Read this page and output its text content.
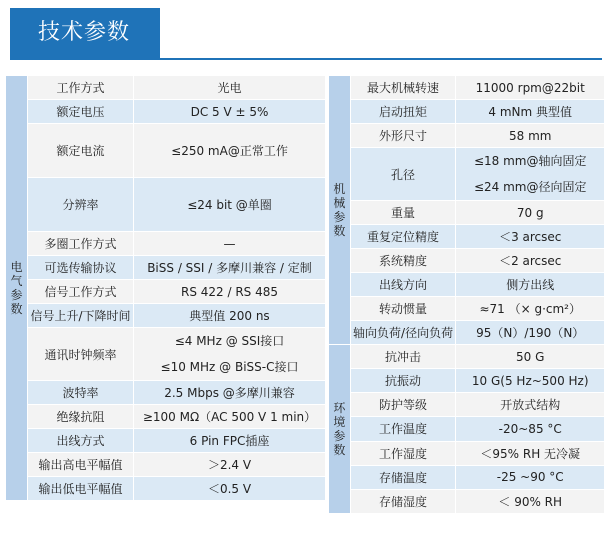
技术参数
电气参数	工作方式	光电
	额定电压	DC 5 V ± 5%
	额定电流	≤250 mA@正常工作
	分辨率	≤24 bit @单圈
	多圈工作方式	—
	可选传输协议	BiSS / SSI / 多摩川兼容 / 定制
	信号工作方式	RS 422 / RS 485
	信号上升/下降时间	典型值 200 ns
	通讯时钟频率	≤4 MHz @ SSI接口
≤10 MHz @ BiSS-C接口

	波特率	2.5 Mbps @多摩川兼容
	绝缘抗阻	≥100 MΩ（AC 500 V 1 min）
	出线方式	6 Pin FPC插座
	输出高电平幅值	＞2.4 V
	输出低电平幅值	＜0.5 V
机械参数	最大机械转速	11000 rpm@22bit
	启动扭矩	4 mNm 典型值
	外形尺寸	58 mm
	孔径	≤18 mm@轴向固定
≤24 mm@径向固定

	重量	70 g
	重复定位精度	＜3 arcsec
	系统精度	＜2 arcsec
	出线方向	侧方出线
	转动惯量	≈71 （× g·cm²）
	轴向负荷/径向负荷	95（N）/190（N）
环境参数	抗冲击	50 G
	抗振动	10 G(5 Hz~500 Hz)
	防护等级	开放式结构
	工作温度	-20~85 °C
	工作湿度	＜95% RH 无冷凝
	存储温度	-25 ~90 °C
	存储湿度	＜ 90% RH
